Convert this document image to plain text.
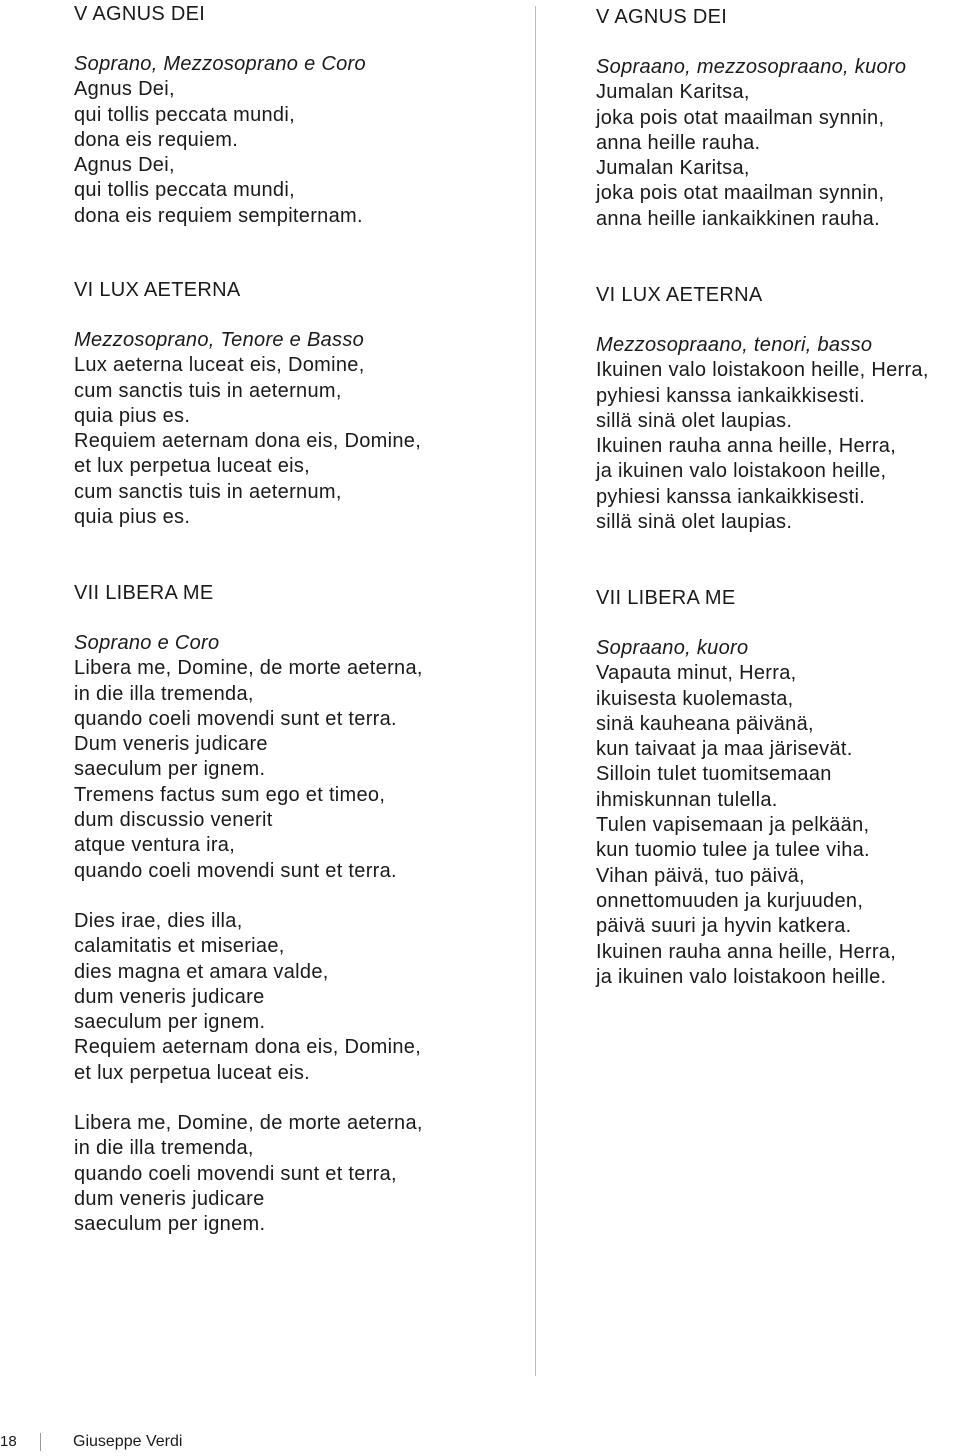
V AGNUS DEI

Soprano, Mezzosoprano e Coro

Agnus Dei,
qui tollis peccata mundi,
dona eis requiem.
Agnus Dei,
qui tollis peccata mundi,
dona eis requiem sempiternam.
VI LUX AETERNA

Mezzosoprano, Tenore e Basso

Lux aeterna luceat eis, Domine,
cum sanctis tuis in aeternum,
quia pius es.
Requiem aeternam dona eis, Domine,
et lux perpetua luceat eis,
cum sanctis tuis in aeternum,
quia pius es.
VII LIBERA ME

Soprano e Coro

Libera me, Domine, de morte aeterna,
in die illa tremenda,
quando coeli movendi sunt et terra.
Dum veneris judicare
saeculum per ignem.
Tremens factus sum ego et timeo,
dum discussio venerit
atque ventura ira,
quando coeli movendi sunt et terra.
Dies irae, dies illa,
calamitatis et miseriae,
dies magna et amara valde,
dum veneris judicare
saeculum per ignem.
Requiem aeternam dona eis, Domine,
et lux perpetua luceat eis.
Libera me, Domine, de morte aeterna,
in die illa tremenda,
quando coeli movendi sunt et terra,
dum veneris judicare
saeculum per ignem.
V AGNUS DEI

Sopraano, mezzosopraano, kuoro

Jumalan Karitsa,
joka pois otat maailman synnin,
anna heille rauha.
Jumalan Karitsa,
joka pois otat maailman synnin,
anna heille iankaikkinen rauha.
VI LUX AETERNA

Mezzosopraano, tenori, basso

Ikuinen valo loistakoon heille, Herra,
pyhiesi kanssa iankaikkisesti.
sillä sinä olet laupias.
Ikuinen rauha anna heille, Herra,
ja ikuinen valo loistakoon heille,
pyhiesi kanssa iankaikkisesti.
sillä sinä olet laupias.
VII LIBERA ME

Sopraano, kuoro

Vapauta minut, Herra,
ikuisesta kuolemasta,
sinä kauheana päivänä,
kun taivaat ja maa järisevät.
Silloin tulet tuomitsemaan
ihmiskunnan tulella.
Tulen vapisemaan ja pelkään,
kun tuomio tulee ja tulee viha.
Vihan päivä, tuo päivä,
onnettomuuden ja kurjuuden,
päivä suuri ja hyvin katkera.
Ikuinen rauha anna heille, Herra,
ja ikuinen valo loistakoon heille.
18	Giuseppe Verdi
